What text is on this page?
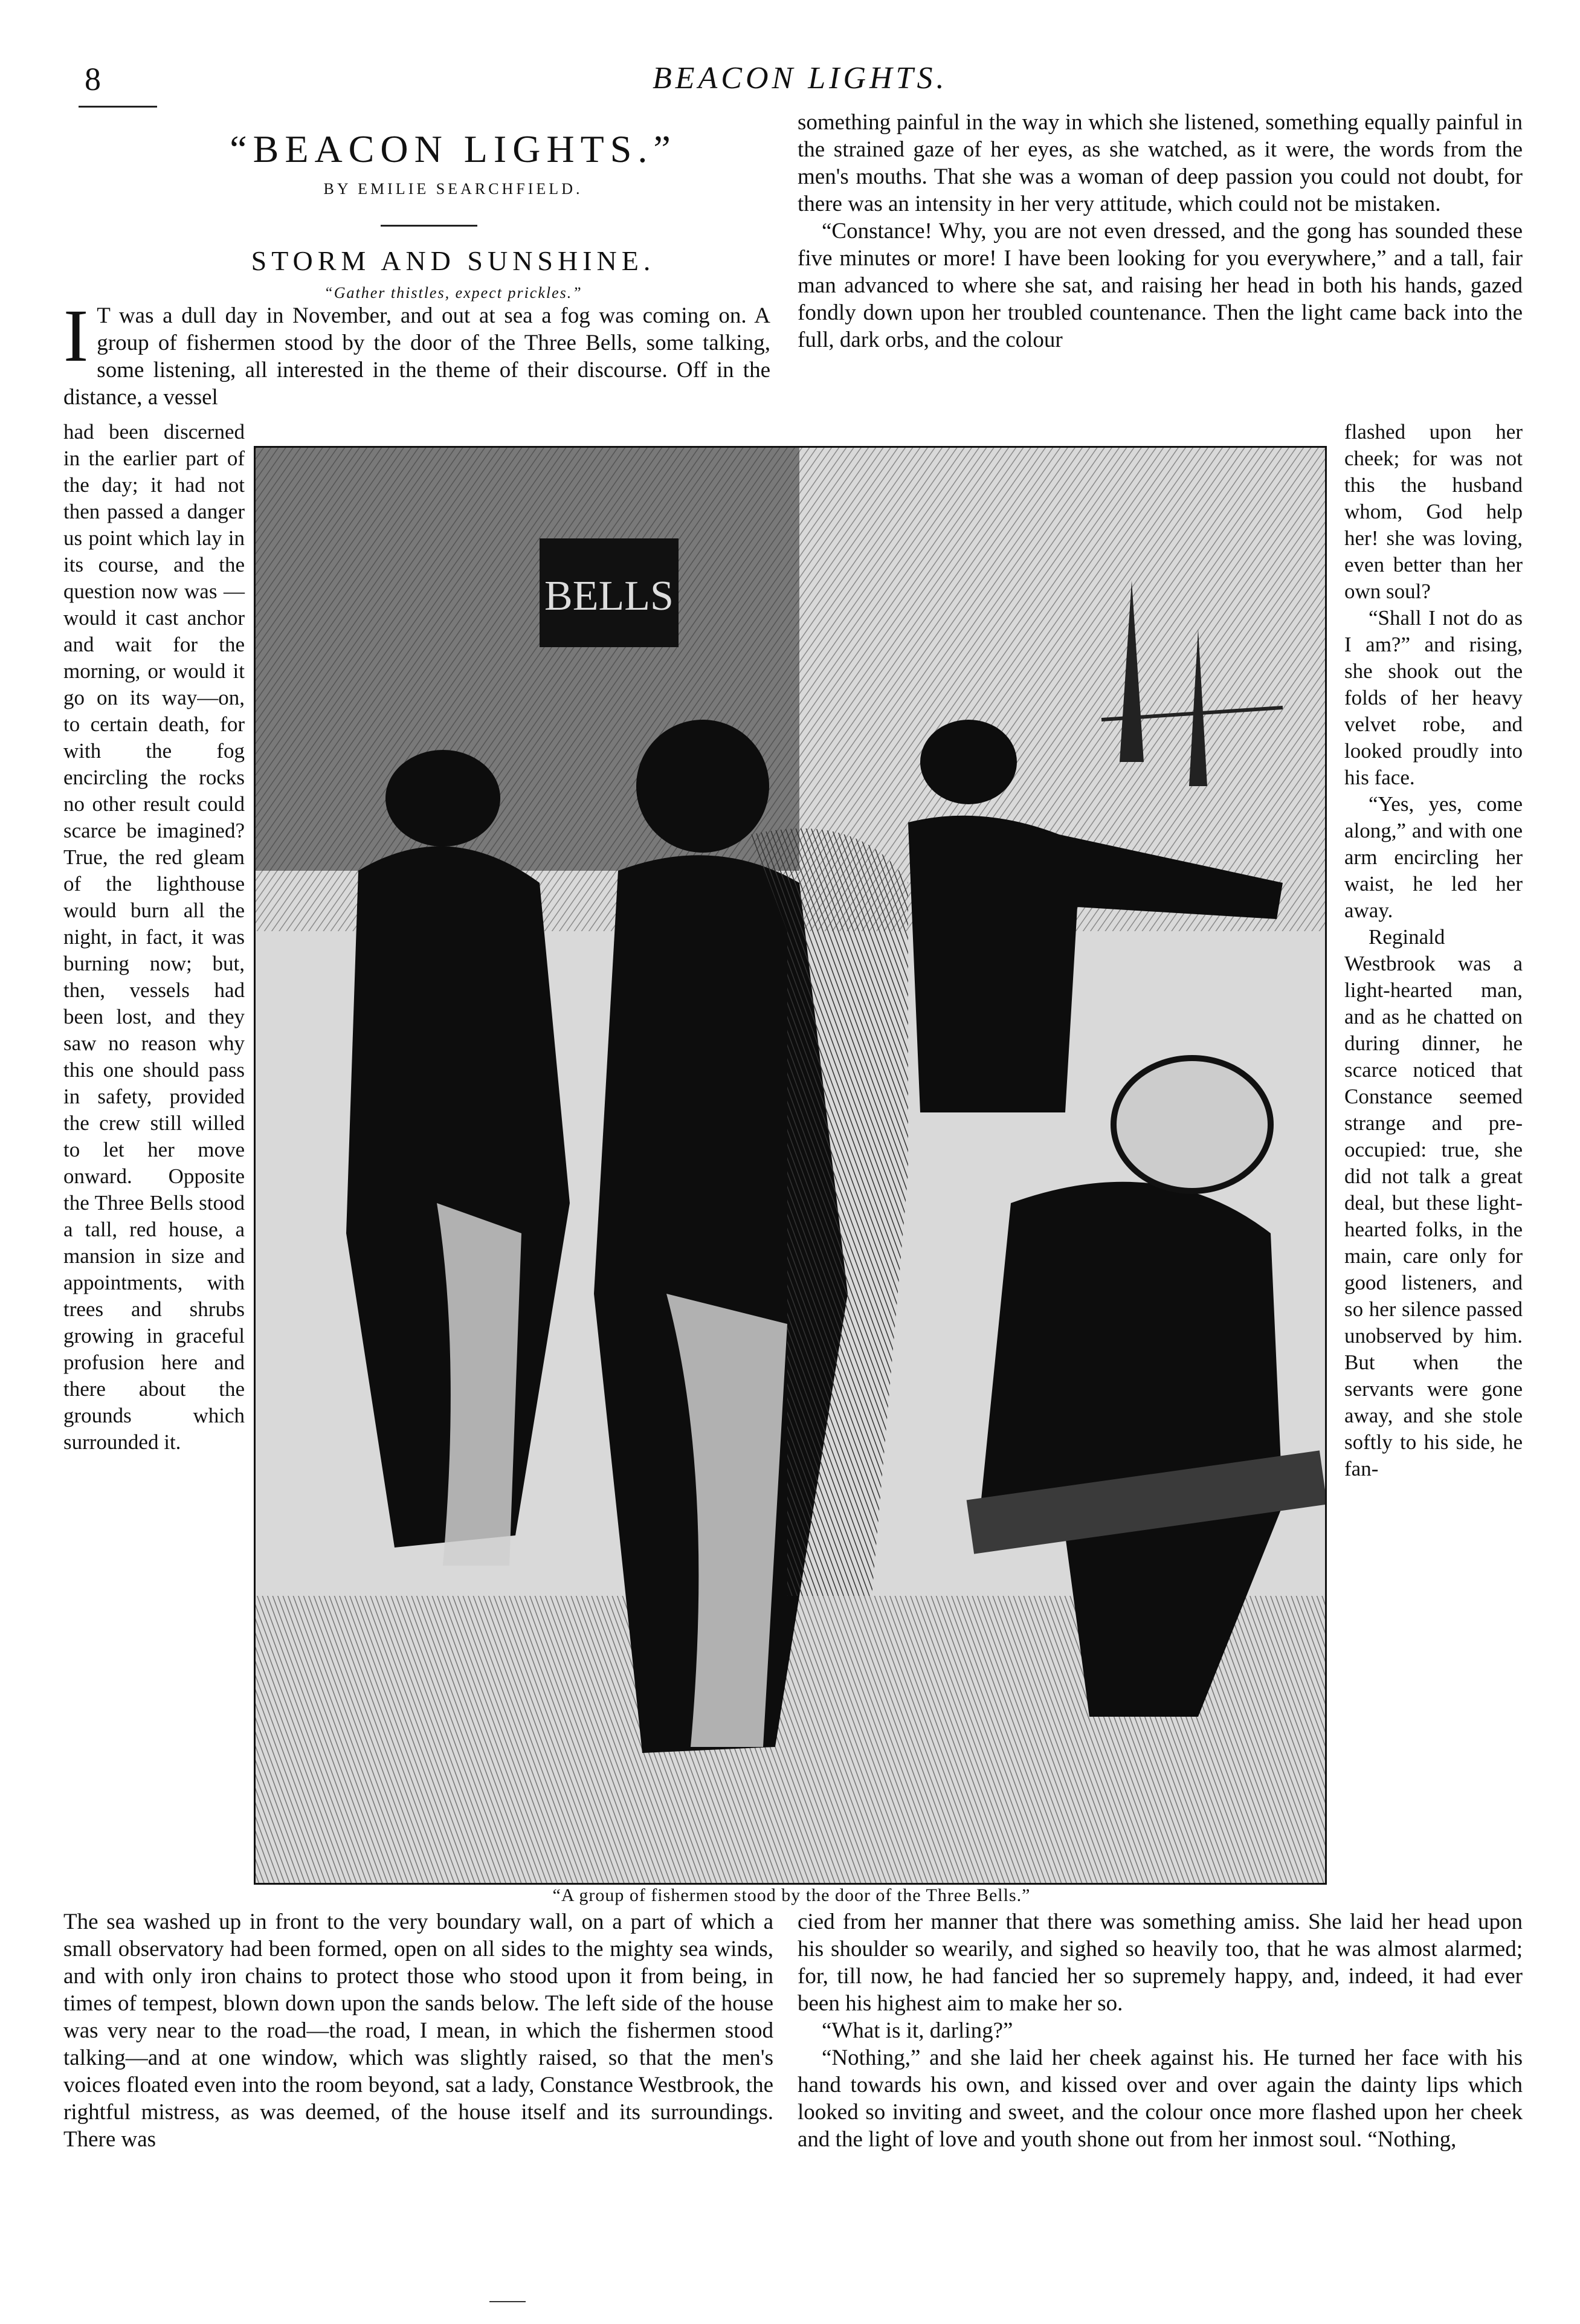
8	BEACON LIGHTS.
“BEACON LIGHTS.”
BY EMILIE SEARCHFIELD.
STORM AND SUNSHINE.
“Gather thistles, expect prickles.”
I T was a dull day in November, and out at sea a fog was coming on. A group of fishermen stood by the door of the Three Bells, some talking, some listening, all interested in the theme of their discourse. Off in the distance, a vessel
had been discerned in the earlier part of the day; it had not then passed a danger us point which lay in its course, and the question now was — would it cast anchor and wait for the morning, or would it go on its way—on, to certain death, for with the fog encircling the rocks no other result could scarce be imagined? True, the red gleam of the lighthouse would burn all the night, in fact, it was burning now; but, then, vessels had been lost, and they saw no reason why this one should pass in safety, provided the crew still willed to let her move onward. Opposite the Three Bells stood a tall, red house, a mansion in size and appointments, with trees and shrubs growing in graceful profusion here and there about the grounds which surrounded it.

something painful in the way in which she listened, something equally painful in the strained gaze of her eyes, as she watched, as it were, the words from the men's mouths. That she was a woman of deep passion you could not doubt, for there was an intensity in her very attitude, which could not be mistaken.

“Constance! Why, you are not even dressed, and the gong has sounded these five minutes or more! I have been looking for you everywhere,” and a tall, fair man advanced to where she sat, and raising her head in both his hands, gazed fondly down upon her troubled countenance. Then the light came back into the full, dark orbs, and the colour

BELLS
“A group of fishermen stood by the door of the Three Bells.”
flashed upon her cheek; for was not this the husband whom, God help her! she was loving, even better than her own soul?
“Shall I not do as I am?” and rising, she shook out the folds of her heavy velvet robe, and looked proudly into his face.
“Yes, yes, come along,” and with one arm encircling her waist, he led her away.
Reginald Westbrook was a light-hearted man, and as he chatted on during dinner, he scarce noticed that Constance seemed strange and pre-occupied: true, she did not talk a great deal, but these light-hearted folks, in the main, care only for good listeners, and so her silence passed unobserved by him. But when the servants were gone away, and she stole softly to his side, he fan-
The sea washed up in front to the very boundary wall, on a part of which a small observatory had been formed, open on all sides to the mighty sea winds, and with only iron chains to protect those who stood upon it from being, in times of tempest, blown down upon the sands below. The left side of the house was very near to the road—the road, I mean, in which the fishermen stood talking—and at one window, which was slightly raised, so that the men's voices floated even into the room beyond, sat a lady, Constance Westbrook, the rightful mistress, as was deemed, of the house itself and its surroundings. There was

cied from her manner that there was something amiss. She laid her head upon his shoulder so wearily, and sighed so heavily too, that he was almost alarmed; for, till now, he had fancied her so supremely happy, and, indeed, it had ever been his highest aim to make her so.

“What is it, darling?”

“Nothing,” and she laid her cheek against his. He turned her face with his hand towards his own, and kissed over and over again the dainty lips which looked so inviting and sweet, and the colour once more flashed upon her cheek and the light of love and youth shone out from her inmost soul. “Nothing,
